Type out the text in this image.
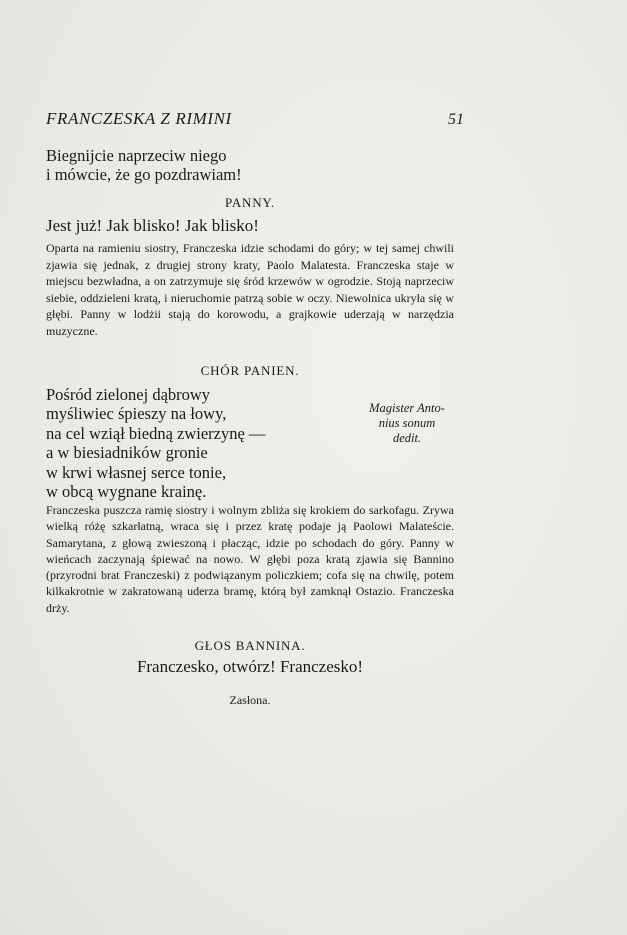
FRANCZESKA Z RIMINI	51
Biegnijcie naprzeciw niego
i mówcie, że go pozdrawiam!
PANNY.
Jest już! Jak blisko! Jak blisko!
Oparta na ramieniu siostry, Franczeska idzie schodami do góry; w tej samej chwili zjawia się jednak, z drugiej strony kraty, Paolo Malatesta. Franczeska staje w miejscu bezwładna, a on zatrzymuje się śród krzewów w ogrodzie. Stoją naprzeciw siebie, oddzieleni kratą, i nieruchomie patrzą sobie w oczy. Niewolnica ukryła się w głębi. Panny w lodżii stają do korowodu, a grajkowie uderzają w narzędzia muzyczne.
CHÓR PANIEN.
Pośród zielonej dąbrowy
myśliwiec śpieszy na łowy,
na cel wziął biedną zwierzynę —
a w biesiadników gronie
w krwi własnej serce tonie,
w obcą wygnane krainę.
Magister Anto-
nius sonum
dedit.
Franczeska puszcza ramię siostry i wolnym zbliża się krokiem do sarkofagu. Zrywa wielką różę szkarłatną, wraca się i przez kratę podaje ją Paolowi Malateście. Samarytana, z głową zwieszoną i płacząc, idzie po schodach do góry. Panny w wieńcach zaczynają śpiewać na nowo. W głębi poza kratą zjawia się Bannino (przyrodni brat Franczeski) z podwiązanym policzkiem; cofa się na chwilę, potem kilkakrotnie w zakratowaną uderza bramę, którą był zamknął Ostazio. Franczeska drży.
GŁOS BANNINA.
Franczesko, otwórz! Franczesko!
Zasłona.
